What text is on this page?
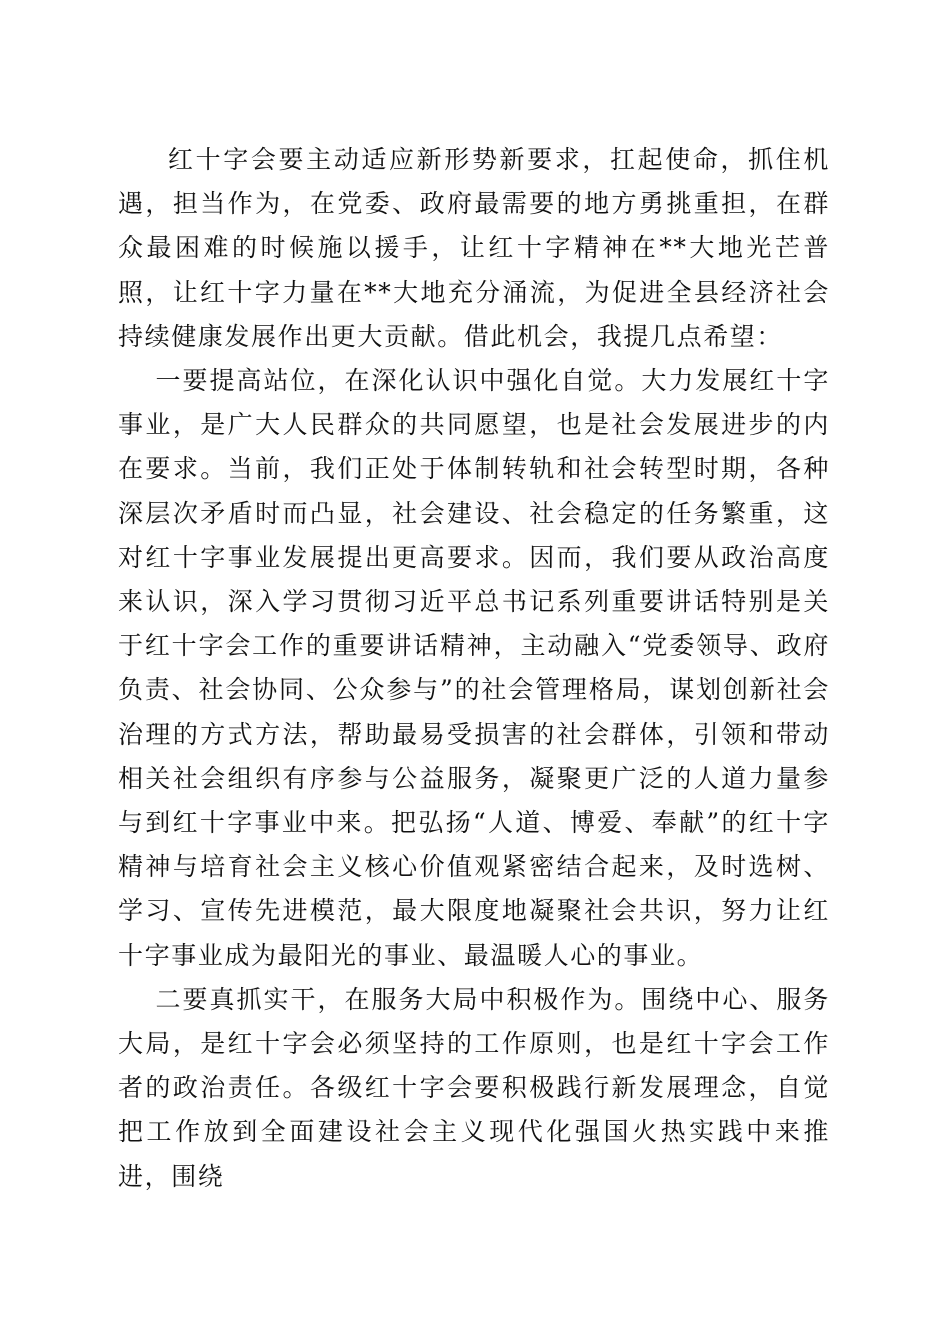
红十字会要主动适应新形势新要求，扛起使命，抓住机遇，担当作为，在党委、政府最需要的地方勇挑重担，在群众最困难的时候施以援手，让红十字精神在**大地光芒普照，让红十字力量在**大地充分涌流，为促进全县经济社会持续健康发展作出更大贡献。借此机会，我提几点希望：

一要提高站位，在深化认识中强化自觉。大力发展红十字事业，是广大人民群众的共同愿望，也是社会发展进步的内在要求。当前，我们正处于体制转轨和社会转型时期，各种深层次矛盾时而凸显，社会建设、社会稳定的任务繁重，这对红十字事业发展提出更高要求。因而，我们要从政治高度来认识，深入学习贯彻习近平总书记系列重要讲话特别是关于红十字会工作的重要讲话精神，主动融入“党委领导、政府负责、社会协同、公众参与”的社会管理格局，谋划创新社会治理的方式方法，帮助最易受损害的社会群体，引领和带动相关社会组织有序参与公益服务，凝聚更广泛的人道力量参与到红十字事业中来。把弘扬“人道、博爱、奉献”的红十字精神与培育社会主义核心价值观紧密结合起来，及时选树、学习、宣传先进模范，最大限度地凝聚社会共识，努力让红十字事业成为最阳光的事业、最温暖人心的事业。

二要真抓实干，在服务大局中积极作为。围绕中心、服务大局，是红十字会必须坚持的工作原则，也是红十字会工作者的政治责任。各级红十字会要积极践行新发展理念，自觉把工作放到全面建设社会主义现代化强国火热实践中来推进，围绕
